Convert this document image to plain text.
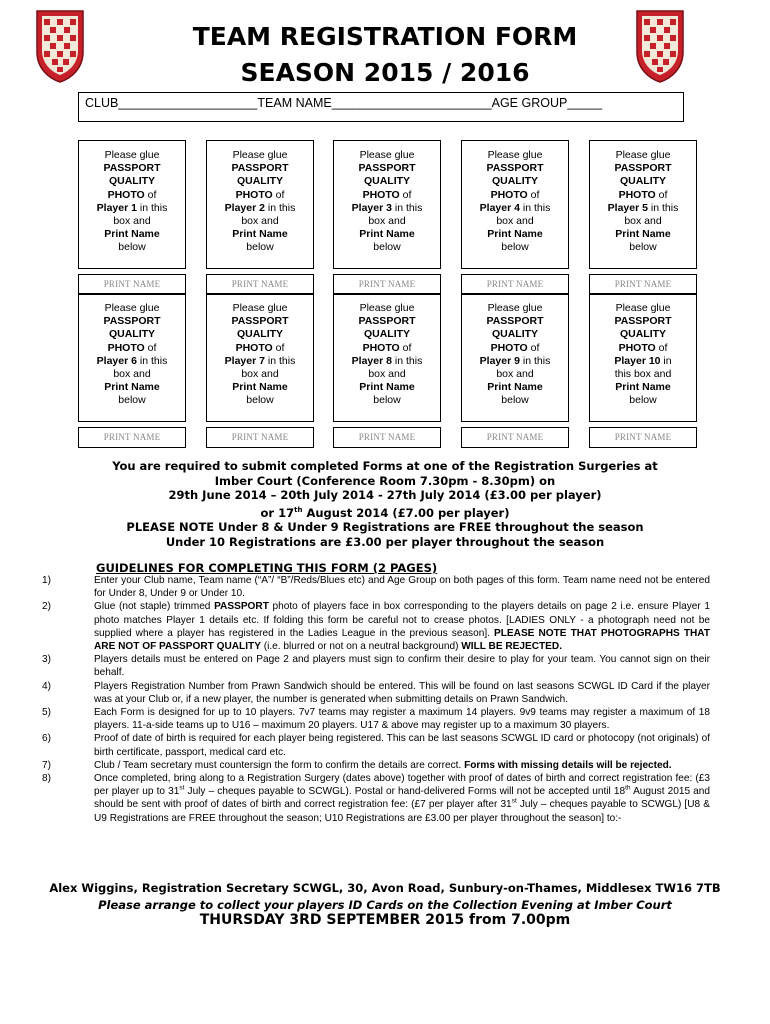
TEAM REGISTRATION FORM
SEASON 2015 / 2016
CLUB____________________TEAM NAME_______________________AGE GROUP_____
Please glue
PASSPORT
QUALITY
PHOTO of
Player 1 in this
box and
Print Name
below
PRINT NAME
Please glue
PASSPORT
QUALITY
PHOTO of
Player 2 in this
box and
Print Name
below
PRINT NAME
Please glue
PASSPORT
QUALITY
PHOTO of
Player 3 in this
box and
Print Name
below
PRINT NAME
Please glue
PASSPORT
QUALITY
PHOTO of
Player 4 in this
box and
Print Name
below
PRINT NAME
Please glue
PASSPORT
QUALITY
PHOTO of
Player 5 in this
box and
Print Name
below
PRINT NAME
Please glue
PASSPORT
QUALITY
PHOTO of
Player 6 in this
box and
Print Name
below
PRINT NAME
Please glue
PASSPORT
QUALITY
PHOTO of
Player 7 in this
box and
Print Name
below
PRINT NAME
Please glue
PASSPORT
QUALITY
PHOTO of
Player 8 in this
box and
Print Name
below
PRINT NAME
Please glue
PASSPORT
QUALITY
PHOTO of
Player 9 in this
box and
Print Name
below
PRINT NAME
Please glue
PASSPORT
QUALITY
PHOTO of
Player 10 in
this box and
Print Name
below
PRINT NAME
You are required to submit completed Forms at one of the Registration Surgeries at
Imber Court (Conference Room 7.30pm - 8.30pm) on
29th June 2014 – 20th July 2014 - 27th July 2014 (£3.00 per player)
or 17th August 2014 (£7.00 per player)
PLEASE NOTE Under 8 & Under 9 Registrations are FREE throughout the season
Under 10 Registrations are £3.00 per player throughout the season
GUIDELINES FOR COMPLETING THIS FORM (2 PAGES)
1)	Enter your Club name, Team name (“A”/ “B”/Reds/Blues etc) and Age Group on both pages of this form. Team name need not be entered for Under 8, Under 9 or Under 10.
2)	Glue (not staple) trimmed PASSPORT photo of players face in box corresponding to the players details on page 2 i.e. ensure Player 1 photo matches Player 1 details etc. If folding this form be careful not to crease photos. [LADIES ONLY - a photograph need not be supplied where a player has registered in the Ladies League in the previous season]. PLEASE NOTE THAT PHOTOGRAPHS THAT ARE NOT OF PASSPORT QUALITY (i.e. blurred or not on a neutral background) WILL BE REJECTED.
3)	Players details must be entered on Page 2 and players must sign to confirm their desire to play for your team. You cannot sign on their behalf.
4)	Players Registration Number from Prawn Sandwich should be entered. This will be found on last seasons SCWGL ID Card if the player was at your Club or, if a new player, the number is generated when submitting details on Prawn Sandwich.
5)	Each Form is designed for up to 10 players. 7v7 teams may register a maximum 14 players. 9v9 teams may register a maximum of 18 players. 11-a-side teams up to U16 – maximum 20 players. U17 & above may register up to a maximum 30 players.
6)	Proof of date of birth is required for each player being registered. This can be last seasons SCWGL ID card or photocopy (not originals) of birth certificate, passport, medical card etc.
7)	Club / Team secretary must countersign the form to confirm the details are correct. Forms with missing details will be rejected.
8)	Once completed, bring along to a Registration Surgery (dates above) together with proof of dates of birth and correct registration fee: (£3 per player up to 31st July – cheques payable to SCWGL). Postal or hand-delivered Forms will not be accepted until 18th August 2015 and should be sent with proof of dates of birth and correct registration fee: (£7 per player after 31st July – cheques payable to SCWGL) [U8 & U9 Registrations are FREE throughout the season; U10 Registrations are £3.00 per player throughout the season] to:-
Alex Wiggins, Registration Secretary SCWGL, 30, Avon Road, Sunbury-on-Thames, Middlesex TW16 7TB
Please arrange to collect your players ID Cards on the Collection Evening at Imber Court
THURSDAY 3RD SEPTEMBER 2015 from 7.00pm
